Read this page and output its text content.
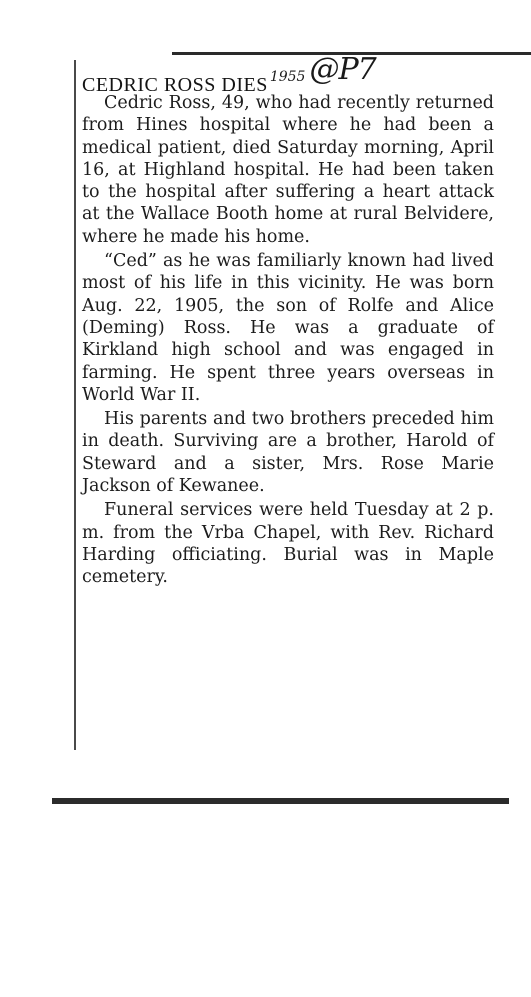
CEDRIC ROSS DIES 1955 @P7

Cedric Ross, 49, who had recently returned from Hines hospital where he had been a medical patient, died Saturday morning, April 16, at Highland hospital. He had been taken to the hospital after suffering a heart attack at the Wallace Booth home at rural Belvidere, where he made his home.

“Ced” as he was familiarly known had lived most of his life in this vicinity. He was born Aug. 22, 1905, the son of Rolfe and Alice (Deming) Ross. He was a graduate of Kirkland high school and was engaged in farming. He spent three years overseas in World War II.

His parents and two brothers preceded him in death. Surviving are a brother, Harold of Steward and a sister, Mrs. Rose Marie Jackson of Kewanee.

Funeral services were held Tuesday at 2 p. m. from the Vrba Chapel, with Rev. Richard Harding officiating. Burial was in Maple cemetery.
